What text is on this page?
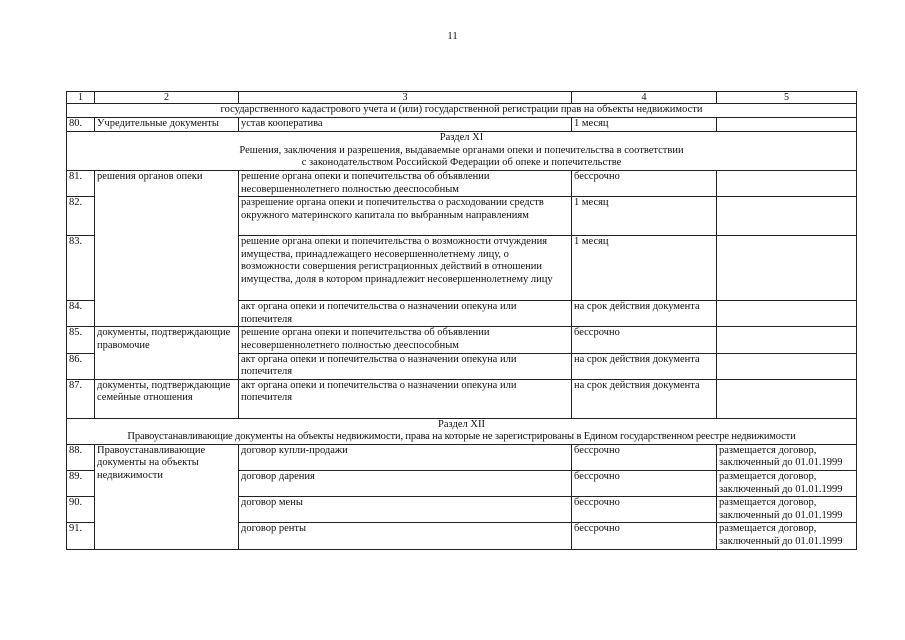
11
1	2	3	4	5
государственного кадастрового учета и (или) государственной регистрации прав на объекты недвижимости				
80.	Учредительные документы	устав кооператива	1 месяц	

Раздел XI
Решения, заключения и разрешения, выдаваемые органами опеки и попечительства в соответствии
с законодательством Российской Федерации об опеке и попечительстве				

81.	решения органов опеки	решение органа опеки и попечительства об объявлении несовершеннолетнего полностью дееспособным	бессрочно	
82.		разрешение органа опеки и попечительства о расходовании средств окружного материнского капитала по выбранным направлениям	1 месяц	
83.		решение органа опеки и попечительства о возможности отчуждения имущества, принадлежащего несовершеннолетнему лицу, о возможности совершения регистрационных действий в отношении имущества, доля в котором принадлежит несовершеннолетнему лицу	1 месяц	
84.		акт органа опеки и попечительства о назначении опекуна или попечителя	на срок действия документа	
85.	документы, подтверждающие правомочие	решение органа опеки и попечительства об объявлении несовершеннолетнего полностью дееспособным	бессрочно	
86.		акт органа опеки и попечительства о назначении опекуна или попечителя	на срок действия документа	
87.	документы, подтверждающие семейные отношения	акт органа опеки и попечительства о назначении опекуна или попечителя	на срок действия документа	

Раздел XII
Правоустанавливающие документы на объекты недвижимости, права на которые не зарегистрированы в Едином государственном реестре недвижимости				

88.	Правоустанавливающие документы на объекты недвижимости	договор купли-продажи	бессрочно	размещается договор, заключенный до 01.01.1999
89.		договор дарения	бессрочно	размещается договор, заключенный до 01.01.1999
90.		договор мены	бессрочно	размещается договор, заключенный до 01.01.1999
91.		договор ренты	бессрочно	размещается договор, заключенный до 01.01.1999
